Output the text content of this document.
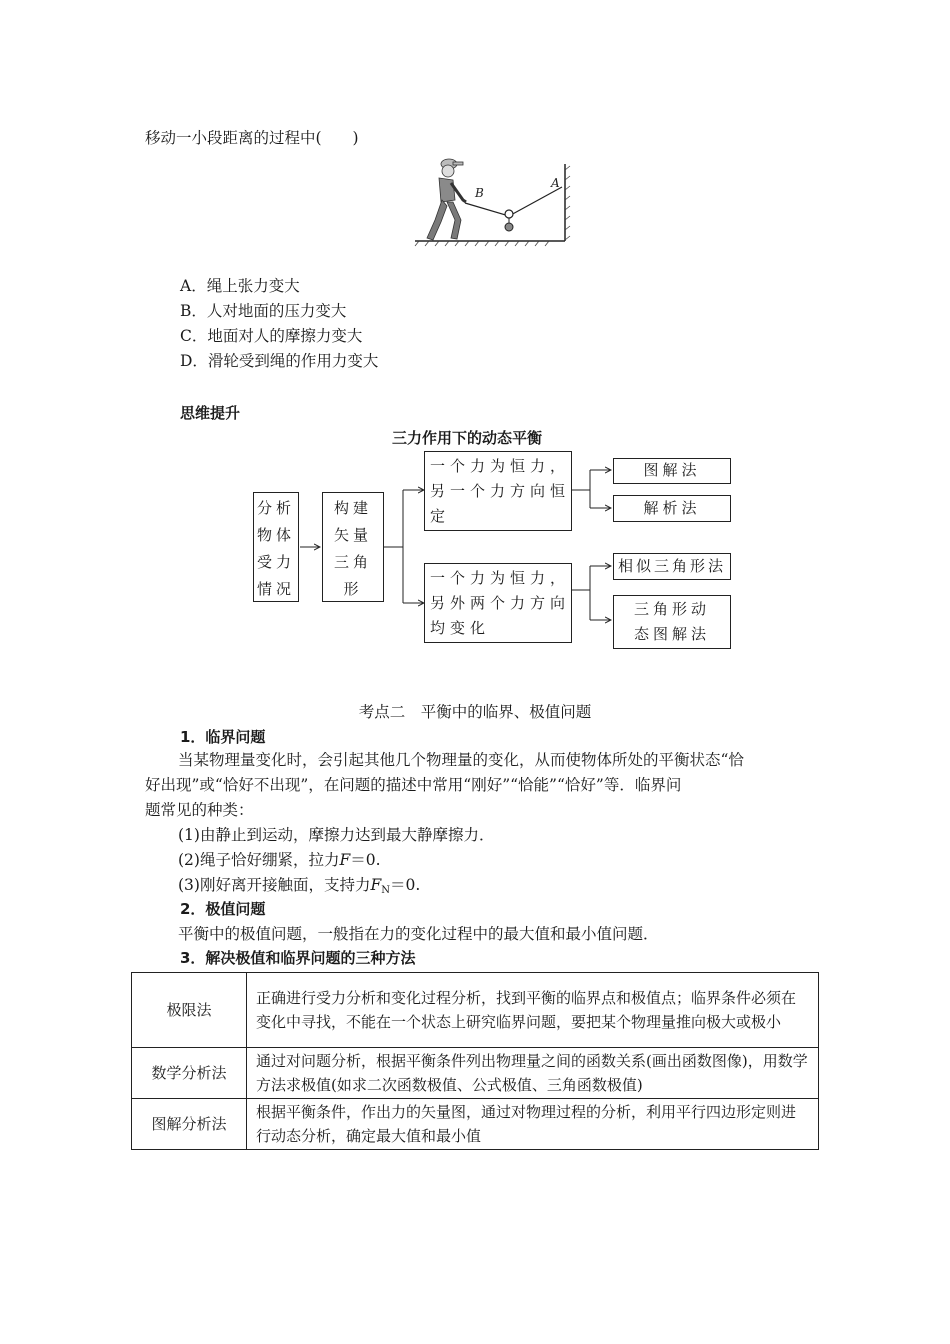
移动一小段距离的过程中(　　)
B
A
A．绳上张力变大
B．人对地面的压力变大
C．地面对人的摩擦力变大
D．滑轮受到绳的作用力变大
思维提升
三力作用下的动态平衡
分析
物体
受力
情况
构建
矢量
三角
形
一个力为恒力，
另一个力方向恒
定
一个力为恒力，
另外两个力方向
均变化
图解法
解析法
相似三角形法
三角形动
态图解法
考点二　平衡中的临界、极值问题
1．临界问题
当某物理量变化时，会引起其他几个物理量的变化，从而使物体所处的平衡状态“恰
好出现”或“恰好不出现”，在问题的描述中常用“刚好”“恰能”“恰好”等．临界问
题常见的种类：
(1)由静止到运动，摩擦力达到最大静摩擦力．
(2)绳子恰好绷紧，拉力F＝0.
(3)刚好离开接触面，支持力$F_N=0$.
2．极值问题
平衡中的极值问题，一般指在力的变化过程中的最大值和最小值问题．
3．解决极值和临界问题的三种方法
极限法	正确进行受力分析和变化过程分析，找到平衡的临界点和极值点；临界条件必须在变化中寻找，不能在一个状态上研究临界问题，要把某个物理量推向极大或极小
数学分析法	通过对问题分析，根据平衡条件列出物理量之间的函数关系(画出函数图像)，用数学方法求极值(如求二次函数极值、公式极值、三角函数极值)
图解分析法	根据平衡条件，作出力的矢量图，通过对物理过程的分析，利用平行四边形定则进行动态分析，确定最大值和最小值
